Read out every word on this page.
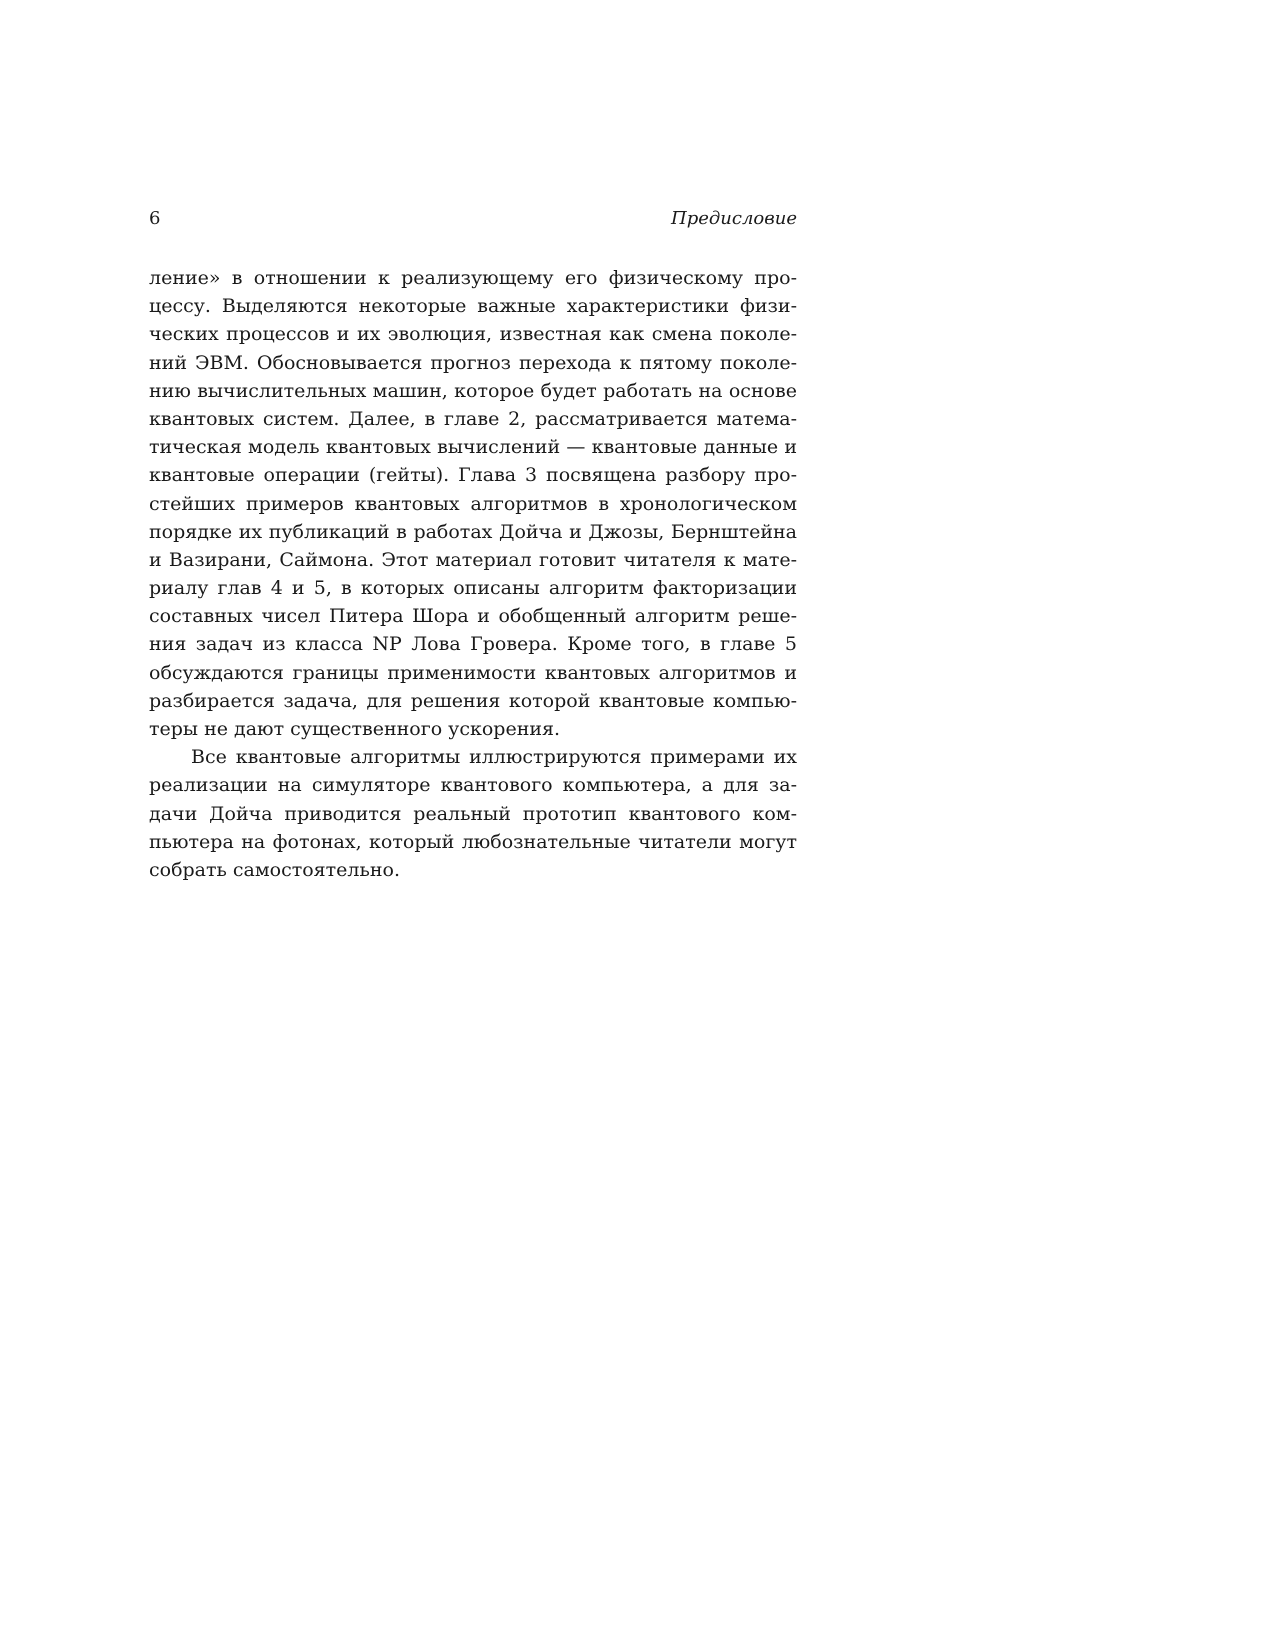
6	Предисловие
ление» в отношении к реализующему его физическому про-
цессу. Выделяются некоторые важные характеристики физи-
ческих процессов и их эволюция, известная как смена поколе-
ний ЭВМ. Обосновывается прогноз перехода к пятому поколе-
нию вычислительных машин, которое будет работать на основе
квантовых систем. Далее, в главе 2, рассматривается матема-
тическая модель квантовых вычислений — квантовые данные и
квантовые операции (гейты). Глава 3 посвящена разбору про-
стейших примеров квантовых алгоритмов в хронологическом
порядке их публикаций в работах Дойча и Джозы, Бернштейна
и Вазирани, Саймона. Этот материал готовит читателя к мате-
риалу глав 4 и 5, в которых описаны алгоритм факторизации
составных чисел Питера Шора и обобщенный алгоритм реше-
ния задач из класса NP Лова Гровера. Кроме того, в главе 5
обсуждаются границы применимости квантовых алгоритмов и
разбирается задача, для решения которой квантовые компью-
теры не дают существенного ускорения.
Все квантовые алгоритмы иллюстрируются примерами их
реализации на симуляторе квантового компьютера, а для за-
дачи Дойча приводится реальный прототип квантового ком-
пьютера на фотонах, который любознательные читатели могут
собрать самостоятельно.
